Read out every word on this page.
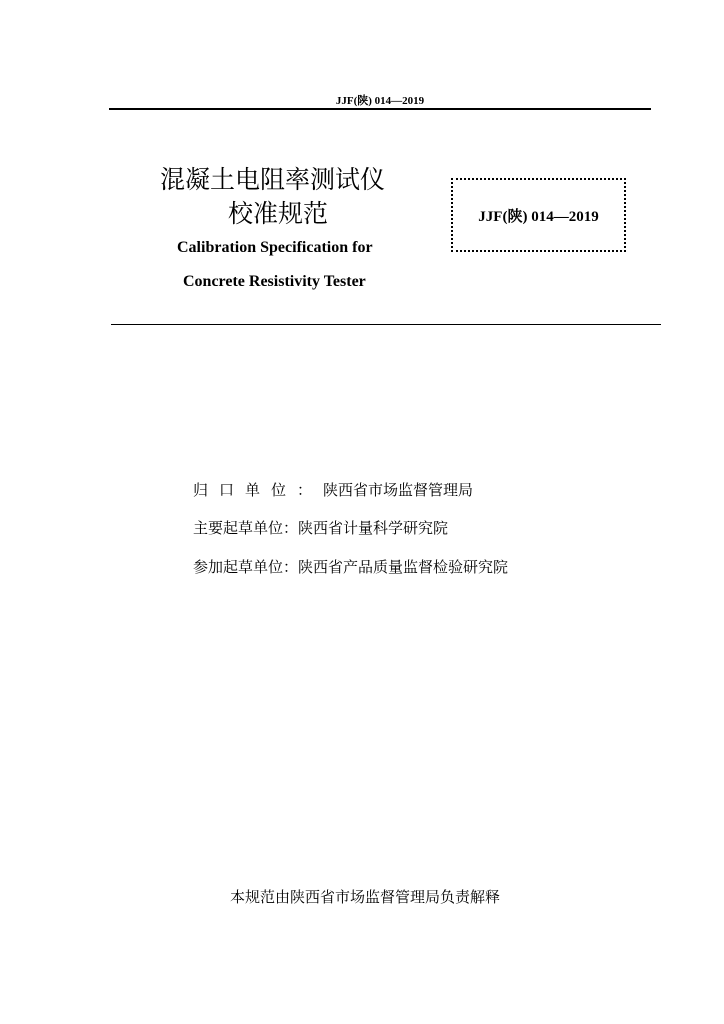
JJF(陕) 014—2019
混凝土电阻率测试仪
校准规范
Calibration Specification for
Concrete Resistivity Tester
JJF(陕) 014—2019
归口单位： 陕西省市场监督管理局
主要起草单位： 陕西省计量科学研究院
参加起草单位： 陕西省产品质量监督检验研究院
本规范由陕西省市场监督管理局负责解释
